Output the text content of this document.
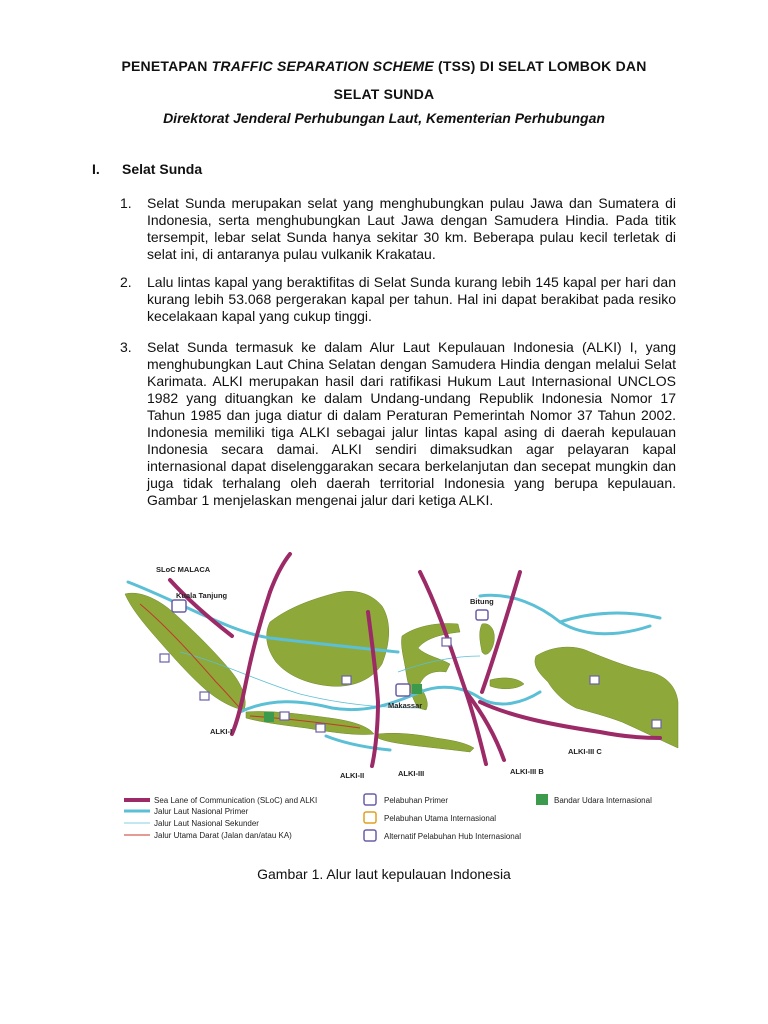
PENETAPAN TRAFFIC SEPARATION SCHEME (TSS) DI SELAT LOMBOK DAN
SELAT SUNDA
Direktorat Jenderal Perhubungan Laut, Kementerian Perhubungan
I. Selat Sunda
1. Selat Sunda merupakan selat yang menghubungkan pulau Jawa dan Sumatera di Indonesia, serta menghubungkan Laut Jawa dengan Samudera Hindia. Pada titik tersempit, lebar selat Sunda hanya sekitar 30 km. Beberapa pulau kecil terletak di selat ini, di antaranya pulau vulkanik Krakatau.
2. Lalu lintas kapal yang beraktifitas di Selat Sunda kurang lebih 145 kapal per hari dan kurang lebih 53.068 pergerakan kapal per tahun. Hal ini dapat berakibat pada resiko kecelakaan kapal yang cukup tinggi.
3. Selat Sunda termasuk ke dalam Alur Laut Kepulauan Indonesia (ALKI) I, yang menghubungkan Laut China Selatan dengan Samudera Hindia dengan melalui Selat Karimata. ALKI merupakan hasil dari ratifikasi Hukum Laut Internasional UNCLOS 1982 yang dituangkan ke dalam Undang-undang Republik Indonesia Nomor 17 Tahun 1985 dan juga diatur di dalam Peraturan Pemerintah Nomor 37 Tahun 2002. Indonesia memiliki tiga ALKI sebagai jalur lintas kapal asing di daerah kepulauan Indonesia secara damai. ALKI sendiri dimaksudkan agar pelayaran kapal internasional dapat diselenggarakan secara berkelanjutan dan secepat mungkin dan juga tidak terhalang oleh daerah territorial Indonesia yang berupa kepulauan. Gambar 1 menjelaskan mengenai jalur dari ketiga ALKI.
SLoC MALACA
Kuala Tanjung
Bitung
Makassar
ALKI-I
ALKI-II	ALKI-III	ALKI-III B
ALKI-III C
Sea Lane of Communication (SLoC) and ALKI
Jalur Laut Nasional Primer
Jalur Laut Nasional Sekunder
Jalur Utama Darat (Jalan dan/atau KA)
Pelabuhan Primer
Pelabuhan Utama Internasional
Alternatif Pelabuhan Hub Internasional
Bandar Udara Internasional
Gambar 1. Alur laut kepulauan Indonesia
